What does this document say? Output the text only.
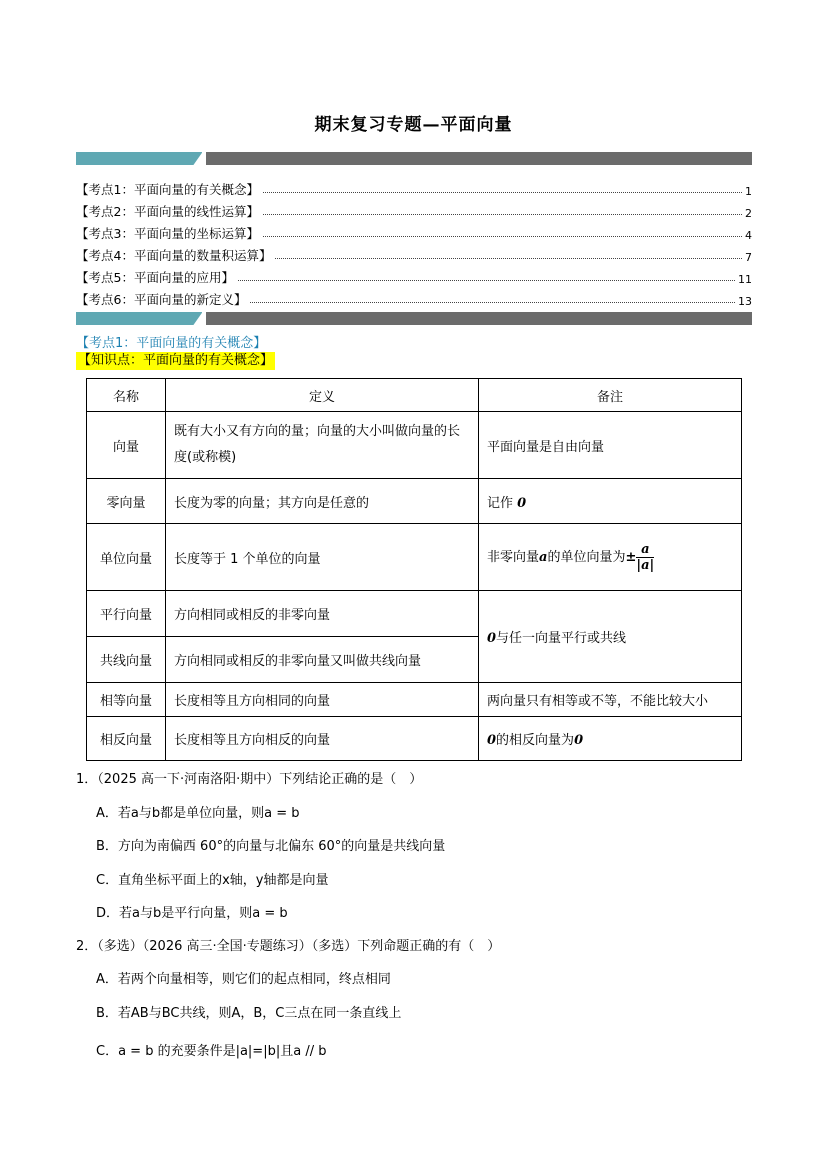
期末复习专题—平面向量
【考点1：平面向量的有关概念】	1
【考点2：平面向量的线性运算】	2
【考点3：平面向量的坐标运算】	4
【考点4：平面向量的数量积运算】	7
【考点5：平面向量的应用】	11
【考点6：平面向量的新定义】	13
【考点1：平面向量的有关概念】
【知识点：平面向量的有关概念】
名称	定义	备注
向量	既有大小又有方向的量；向量的大小叫做向量的长度(或称模)	平面向量是自由向量
零向量	长度为零的向量；其方向是任意的	记作 0
单位向量	长度等于 1 个单位的向量	非零向量a的单位向量为± $\frac{a}{|a|}$

平行向量	方向相同或相反的非零向量	0与任一向量平行或共线
共线向量	方向相同或相反的非零向量又叫做共线向量	
相等向量	长度相等且方向相同的向量	两向量只有相等或不等，不能比较大小
相反向量	长度相等且方向相反的向量	0的相反向量为0
1．（2025 高一下·河南洛阳·期中）下列结论正确的是（　）
A．若a与b都是单位向量，则a = b
B．方向为南偏西 60°的向量与北偏东 60°的向量是共线向量
C．直角坐标平面上的x轴，y轴都是向量
D．若a与b是平行向量，则a = b
2．（多选）（2026 高三·全国·专题练习）（多选）下列命题正确的有（　）
A．若两个向量相等，则它们的起点相同，终点相同
B．若AB与BC共线，则A，B，C三点在同一条直线上
C．a = b 的充要条件是|a|=|b|且a // b
